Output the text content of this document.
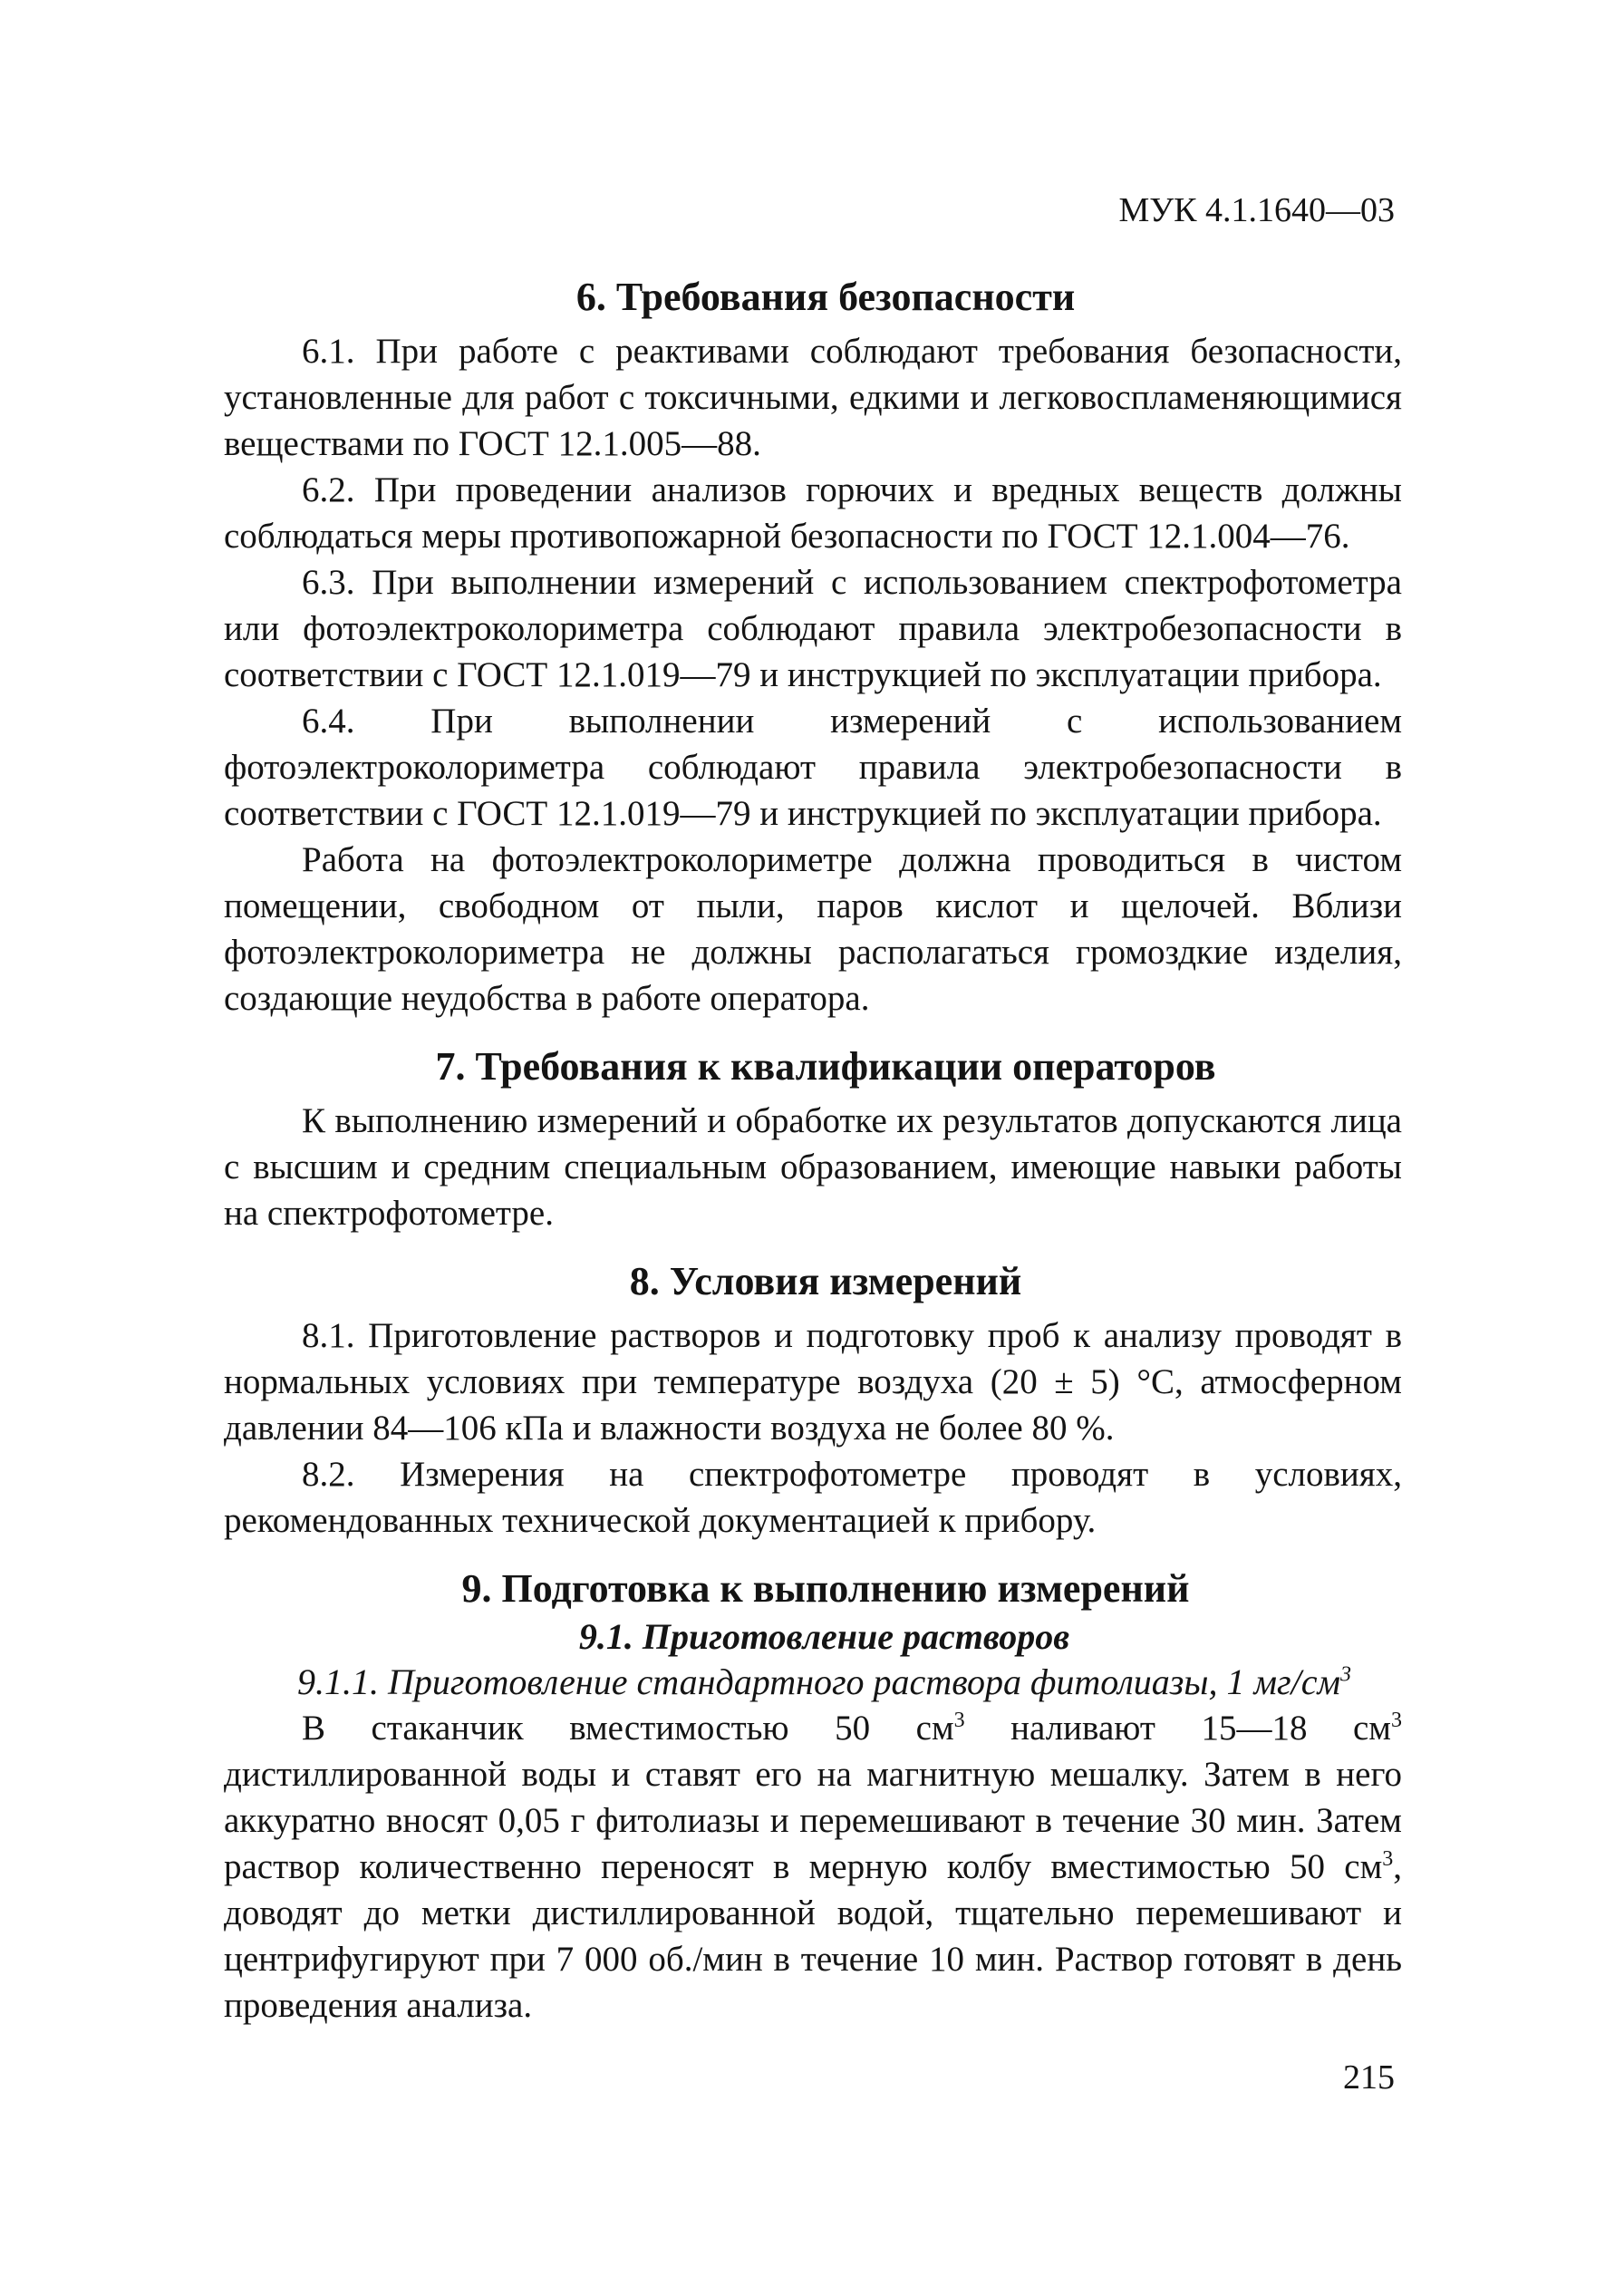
МУК 4.1.1640—03
6. Требования безопасности

6.1. При работе с реактивами соблюдают требования безопасности, установленные для работ с токсичными, едкими и легковоспламеняющимися веществами по ГОСТ 12.1.005—88.

6.2. При проведении анализов горючих и вредных веществ должны соблюдаться меры противопожарной безопасности по ГОСТ 12.1.004—76.

6.3. При выполнении измерений с использованием спектрофотометра или фотоэлектроколориметра соблюдают правила электробезопасности в соответствии с ГОСТ 12.1.019—79 и инструкцией по эксплуатации прибора.

6.4. При выполнении измерений с использованием фотоэлектроколориметра соблюдают правила электробезопасности в соответствии с ГОСТ 12.1.019—79 и инструкцией по эксплуатации прибора.

Работа на фотоэлектроколориметре должна проводиться в чистом помещении, свободном от пыли, паров кислот и щелочей. Вблизи фотоэлектроколориметра не должны располагаться громоздкие изделия, создающие неудобства в работе оператора.

7. Требования к квалификации операторов

К выполнению измерений и обработке их результатов допускаются лица с высшим и средним специальным образованием, имеющие навыки работы на спектрофотометре.

8. Условия измерений

8.1. Приготовление растворов и подготовку проб к анализу проводят в нормальных условиях при температуре воздуха (20 ± 5) °С, атмосферном давлении 84—106 кПа и влажности воздуха не более 80 %.

8.2. Измерения на спектрофотометре проводят в условиях, рекомендованных технической документацией к прибору.

9. Подготовка к выполнению измерений
9.1. Приготовление растворов
9.1.1. Приготовление стандартного раствора фитолиазы, 1 $мг/см^3$

В стаканчик вместимостью 50 $см^3$ наливают 15—18 $см^3$ дистиллированной воды и ставят его на магнитную мешалку. Затем в него аккуратно вносят 0,05 г фитолиазы и перемешивают в течение 30 мин. Затем раствор количественно переносят в мерную колбу вместимостью 50 $см^3$, доводят до метки дистиллированной водой, тщательно перемешивают и центрифугируют при 7 000 об./мин в течение 10 мин. Раствор готовят в день проведения анализа.

215
